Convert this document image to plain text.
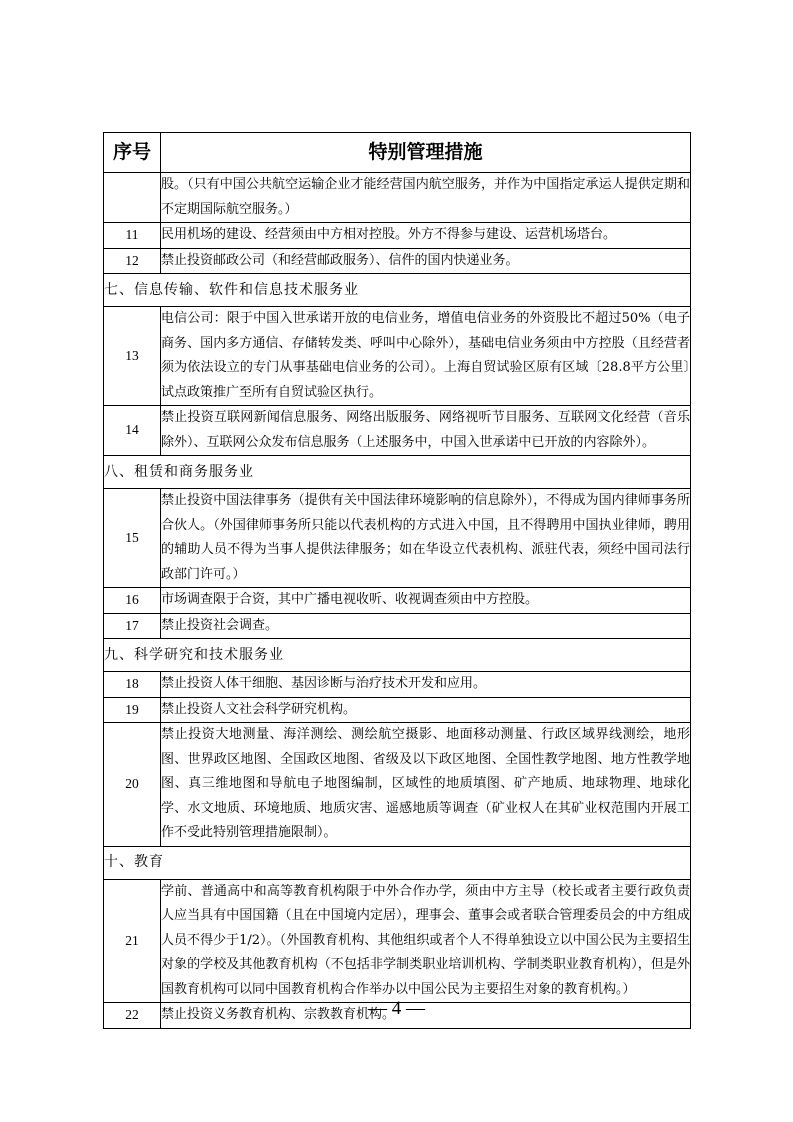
序号	特别管理措施
	股。（只有中国公共航空运输企业才能经营国内航空服务，并作为中国指定承运人提供定期和不定期国际航空服务。）
11	民用机场的建设、经营须由中方相对控股。外方不得参与建设、运营机场塔台。
12	禁止投资邮政公司（和经营邮政服务）、信件的国内快递业务。
七、信息传输、软件和信息技术服务业	
13	电信公司：限于中国入世承诺开放的电信业务，增值电信业务的外资股比不超过50%（电子商务、国内多方通信、存储转发类、呼叫中心除外），基础电信业务须由中方控股（且经营者须为依法设立的专门从事基础电信业务的公司）。上海自贸试验区原有区域〔28.8平方公里〕试点政策推广至所有自贸试验区执行。
14	禁止投资互联网新闻信息服务、网络出版服务、网络视听节目服务、互联网文化经营（音乐除外）、互联网公众发布信息服务（上述服务中，中国入世承诺中已开放的内容除外）。
八、租赁和商务服务业	
15	禁止投资中国法律事务（提供有关中国法律环境影响的信息除外），不得成为国内律师事务所合伙人。（外国律师事务所只能以代表机构的方式进入中国，且不得聘用中国执业律师，聘用的辅助人员不得为当事人提供法律服务；如在华设立代表机构、派驻代表，须经中国司法行政部门许可。）
16	市场调查限于合资，其中广播电视收听、收视调查须由中方控股。
17	禁止投资社会调查。
九、科学研究和技术服务业	
18	禁止投资人体干细胞、基因诊断与治疗技术开发和应用。
19	禁止投资人文社会科学研究机构。
20	禁止投资大地测量、海洋测绘、测绘航空摄影、地面移动测量、行政区域界线测绘，地形图、世界政区地图、全国政区地图、省级及以下政区地图、全国性教学地图、地方性教学地图、真三维地图和导航电子地图编制，区域性的地质填图、矿产地质、地球物理、地球化学、水文地质、环境地质、地质灾害、遥感地质等调查（矿业权人在其矿业权范围内开展工作不受此特别管理措施限制）。
十、教育	
21	学前、普通高中和高等教育机构限于中外合作办学，须由中方主导（校长或者主要行政负责人应当具有中国国籍（且在中国境内定居），理事会、董事会或者联合管理委员会的中方组成人员不得少于1/2）。（外国教育机构、其他组织或者个人不得单独设立以中国公民为主要招生对象的学校及其他教育机构（不包括非学制类职业培训机构、学制类职业教育机构），但是外国教育机构可以同中国教育机构合作举办以中国公民为主要招生对象的教育机构。）
22	禁止投资义务教育机构、宗教教育机构。
— 4 —
